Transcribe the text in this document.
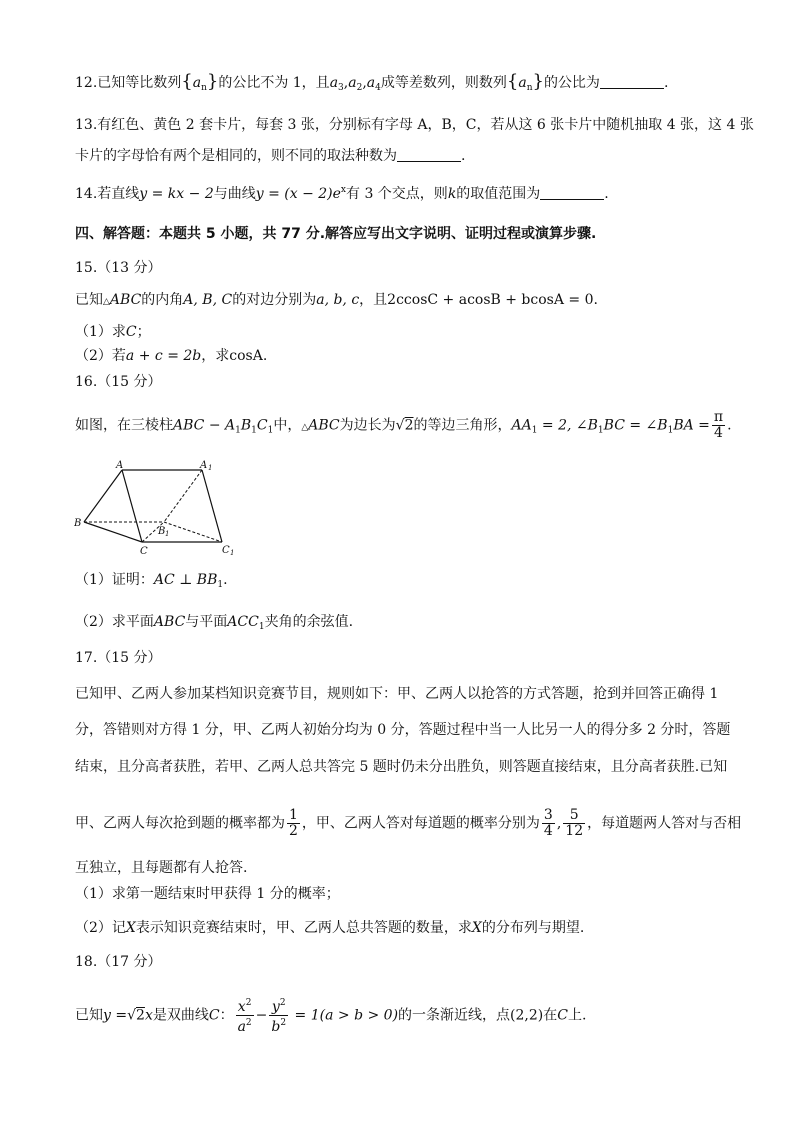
12.已知等比数列$\{a_n\}$的公比不为 1，且$a_3,a_2,a_4$成等差数列，则数列$\{a_n\}$的公比为	.
13.有红色、黄色 2 套卡片，每套 3 张，分别标有字母 A，B，C，若从这 6 张卡片中随机抽取 4 张，这 4 张
卡片的字母恰有两个是相同的，则不同的取法种数为	.
14.若直线y = kx − 2与曲线$y = (x - 2)e^x$有 3 个交点，则k的取值范围为	.
四、解答题：本题共 5 小题，共 77 分.解答应写出文字说明、证明过程或演算步骤.
15.（13 分）
已知△ABC的内角A, B, C的对边分别为a, b, c，且2ccosC + acosB + bcosA = 0.
（1）求C；
（2）若a + c = 2b，求cosA.
16.（15 分）
如图，在三棱柱ABC − $A_1B_1C_1$中，△ABC为边长为√2的等边三角形，$AA_1 = 2$, $\angle B_1BC$ = $\angle B_1BA = \frac{\pi}{4}$ .
A	A 1
B
B 1
C	C 1
（1）证明：AC ⊥ $BB_1$.
（2）求平面ABC与平面$ACC_1$夹角的余弦值.
17.（15 分）
已知甲、乙两人参加某档知识竞赛节目，规则如下：甲、乙两人以抢答的方式答题，抢到并回答正确得 1
分，答错则对方得 1 分，甲、乙两人初始分均为 0 分，答题过程中当一人比另一人的得分多 2 分时，答题
结束，且分高者获胜，若甲、乙两人总共答完 5 题时仍未分出胜负，则答题直接结束，且分高者获胜.已知
甲、乙两人每次抢到题的概率都为 $\frac{1}{2}$ ，甲、乙两人答对每道题的概率分别为 $\frac{3}{4}$ , $\frac{5}{12}$ ，每道题两人答对与否相
互独立，且每题都有人抢答.
（1）求第一题结束时甲获得 1 分的概率；
（2）记X表示知识竞赛结束时，甲、乙两人总共答题的数量，求X的分布列与期望.
18.（17 分）
已知y =√2x是双曲线C： $\frac{x^2}{a^2} - \frac{y^2}{b^2} = 1(a > b > 0)$的一条渐近线，点(2,2)在C上.
